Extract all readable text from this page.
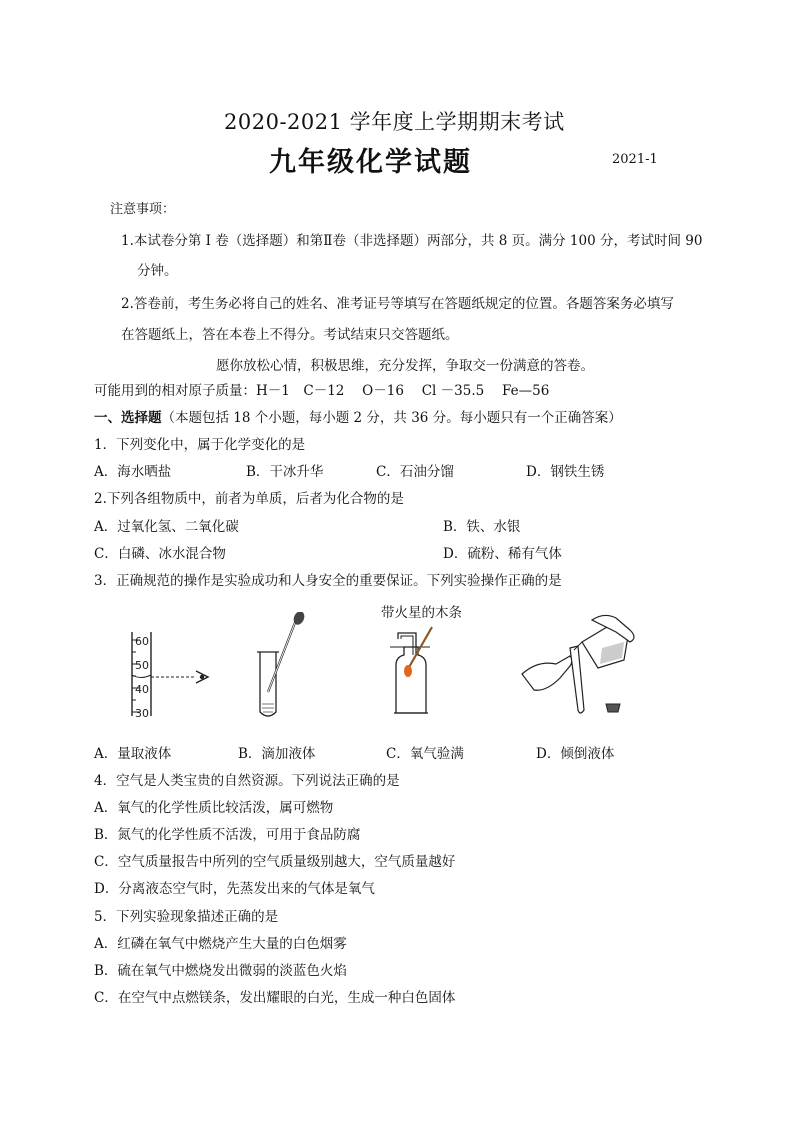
2020-2021 学年度上学期期末考试
九年级化学试题	2021-1
注意事项：
1.本试卷分第 I 卷（选择题）和第Ⅱ卷（非选择题）两部分，共 8 页。满分 100 分，考试时间 90
分钟。
2.答卷前，考生务必将自己的姓名、准考证号等填写在答题纸规定的位置。各题答案务必填写
在答题纸上，答在本卷上不得分。考试结束只交答题纸。
愿你放松心情，积极思维，充分发挥，争取交一份满意的答卷。
可能用到的相对原子质量：H－1　C－12　 O－16　 Cl －35.5　 Fe—56
一、选择题（本题包括 18 个小题，每小题 2 分，共 36 分。每小题只有一个正确答案）
1．下列变化中，属于化学变化的是
A．海水晒盐	B．干冰升华	C．石油分馏	D．钢铁生锈
2.下列各组物质中，前者为单质，后者为化合物的是
A．过氧化氢、二氧化碳	B．铁、水银
C．白磷、冰水混合物	D．硫粉、稀有气体
3．正确规范的操作是实验成功和人身安全的重要保证。下列实验操作正确的是
带火星的木条
60
50
40
30
A．量取液体	B．滴加液体	C．氧气验满	D．倾倒液体
4．空气是人类宝贵的自然资源。下列说法正确的是
A．氧气的化学性质比较活泼，属可燃物
B．氮气的化学性质不活泼，可用于食品防腐
C．空气质量报告中所列的空气质量级别越大，空气质量越好
D．分离液态空气时，先蒸发出来的气体是氧气
5．下列实验现象描述正确的是
A．红磷在氧气中燃烧产生大量的白色烟雾
B．硫在氧气中燃烧发出微弱的淡蓝色火焰
C．在空气中点燃镁条，发出耀眼的白光，生成一种白色固体
